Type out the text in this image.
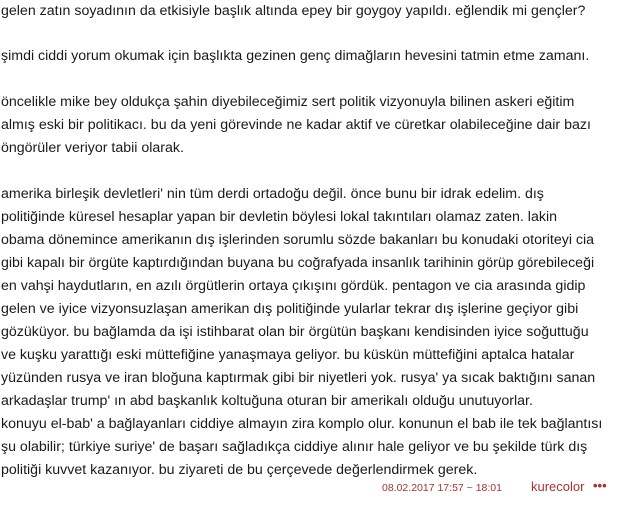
gelen zatın soyadının da etkisiyle başlık altında epey bir goygoy yapıldı. eğlendik mi gençler?

şimdi ciddi yorum okumak için başlıkta gezinen genç dimağların hevesini tatmin etme zamanı.

öncelikle mike bey oldukça şahin diyebileceğimiz sert politik vizyonuyla bilinen askeri eğitim
almış eski bir politikacı. bu da yeni görevinde ne kadar aktif ve cüretkar olabileceğine dair bazı
öngörüler veriyor tabii olarak.

amerika birleşik devletleri' nin tüm derdi ortadoğu değil. önce bunu bir idrak edelim. dış
politiğinde küresel hesaplar yapan bir devletin böylesi lokal takıntıları olamaz zaten. lakin
obama dönemince amerikanın dış işlerinden sorumlu sözde bakanları bu konudaki otoriteyi cia
gibi kapalı bir örgüte kaptırdığından buyana bu coğrafyada insanlık tarihinin görüp görebileceği
en vahşi haydutların, en azılı örgütlerin ortaya çıkışını gördük. pentagon ve cia arasında gidip
gelen ve iyice vizyonsuzlaşan amerikan dış politiğinde yularlar tekrar dış işlerine geçiyor gibi
gözüküyor. bu bağlamda da işi istihbarat olan bir örgütün başkanı kendisinden iyice soğuttuğu
ve kuşku yarattığı eski müttefiğine yanaşmaya geliyor. bu küskün müttefiğini aptalca hatalar
yüzünden rusya ve iran bloğuna kaptırmak gibi bir niyetleri yok. rusya' ya sıcak baktığını sanan
arkadaşlar trump' ın abd başkanlık koltuğuna oturan bir amerikalı olduğu unutuyorlar.
konuyu el-bab' a bağlayanları ciddiye almayın zira komplo olur. konunun el bab ile tek bağlantısı
şu olabilir; türkiye suriye' de başarı sağladıkça ciddiye alınır hale geliyor ve bu şekilde türk dış
politiği kuvvet kazanıyor. bu ziyareti de bu çerçevede değerlendirmek gerek.

08.02.2017 17:57 ~ 18:01 kurecolor •••
